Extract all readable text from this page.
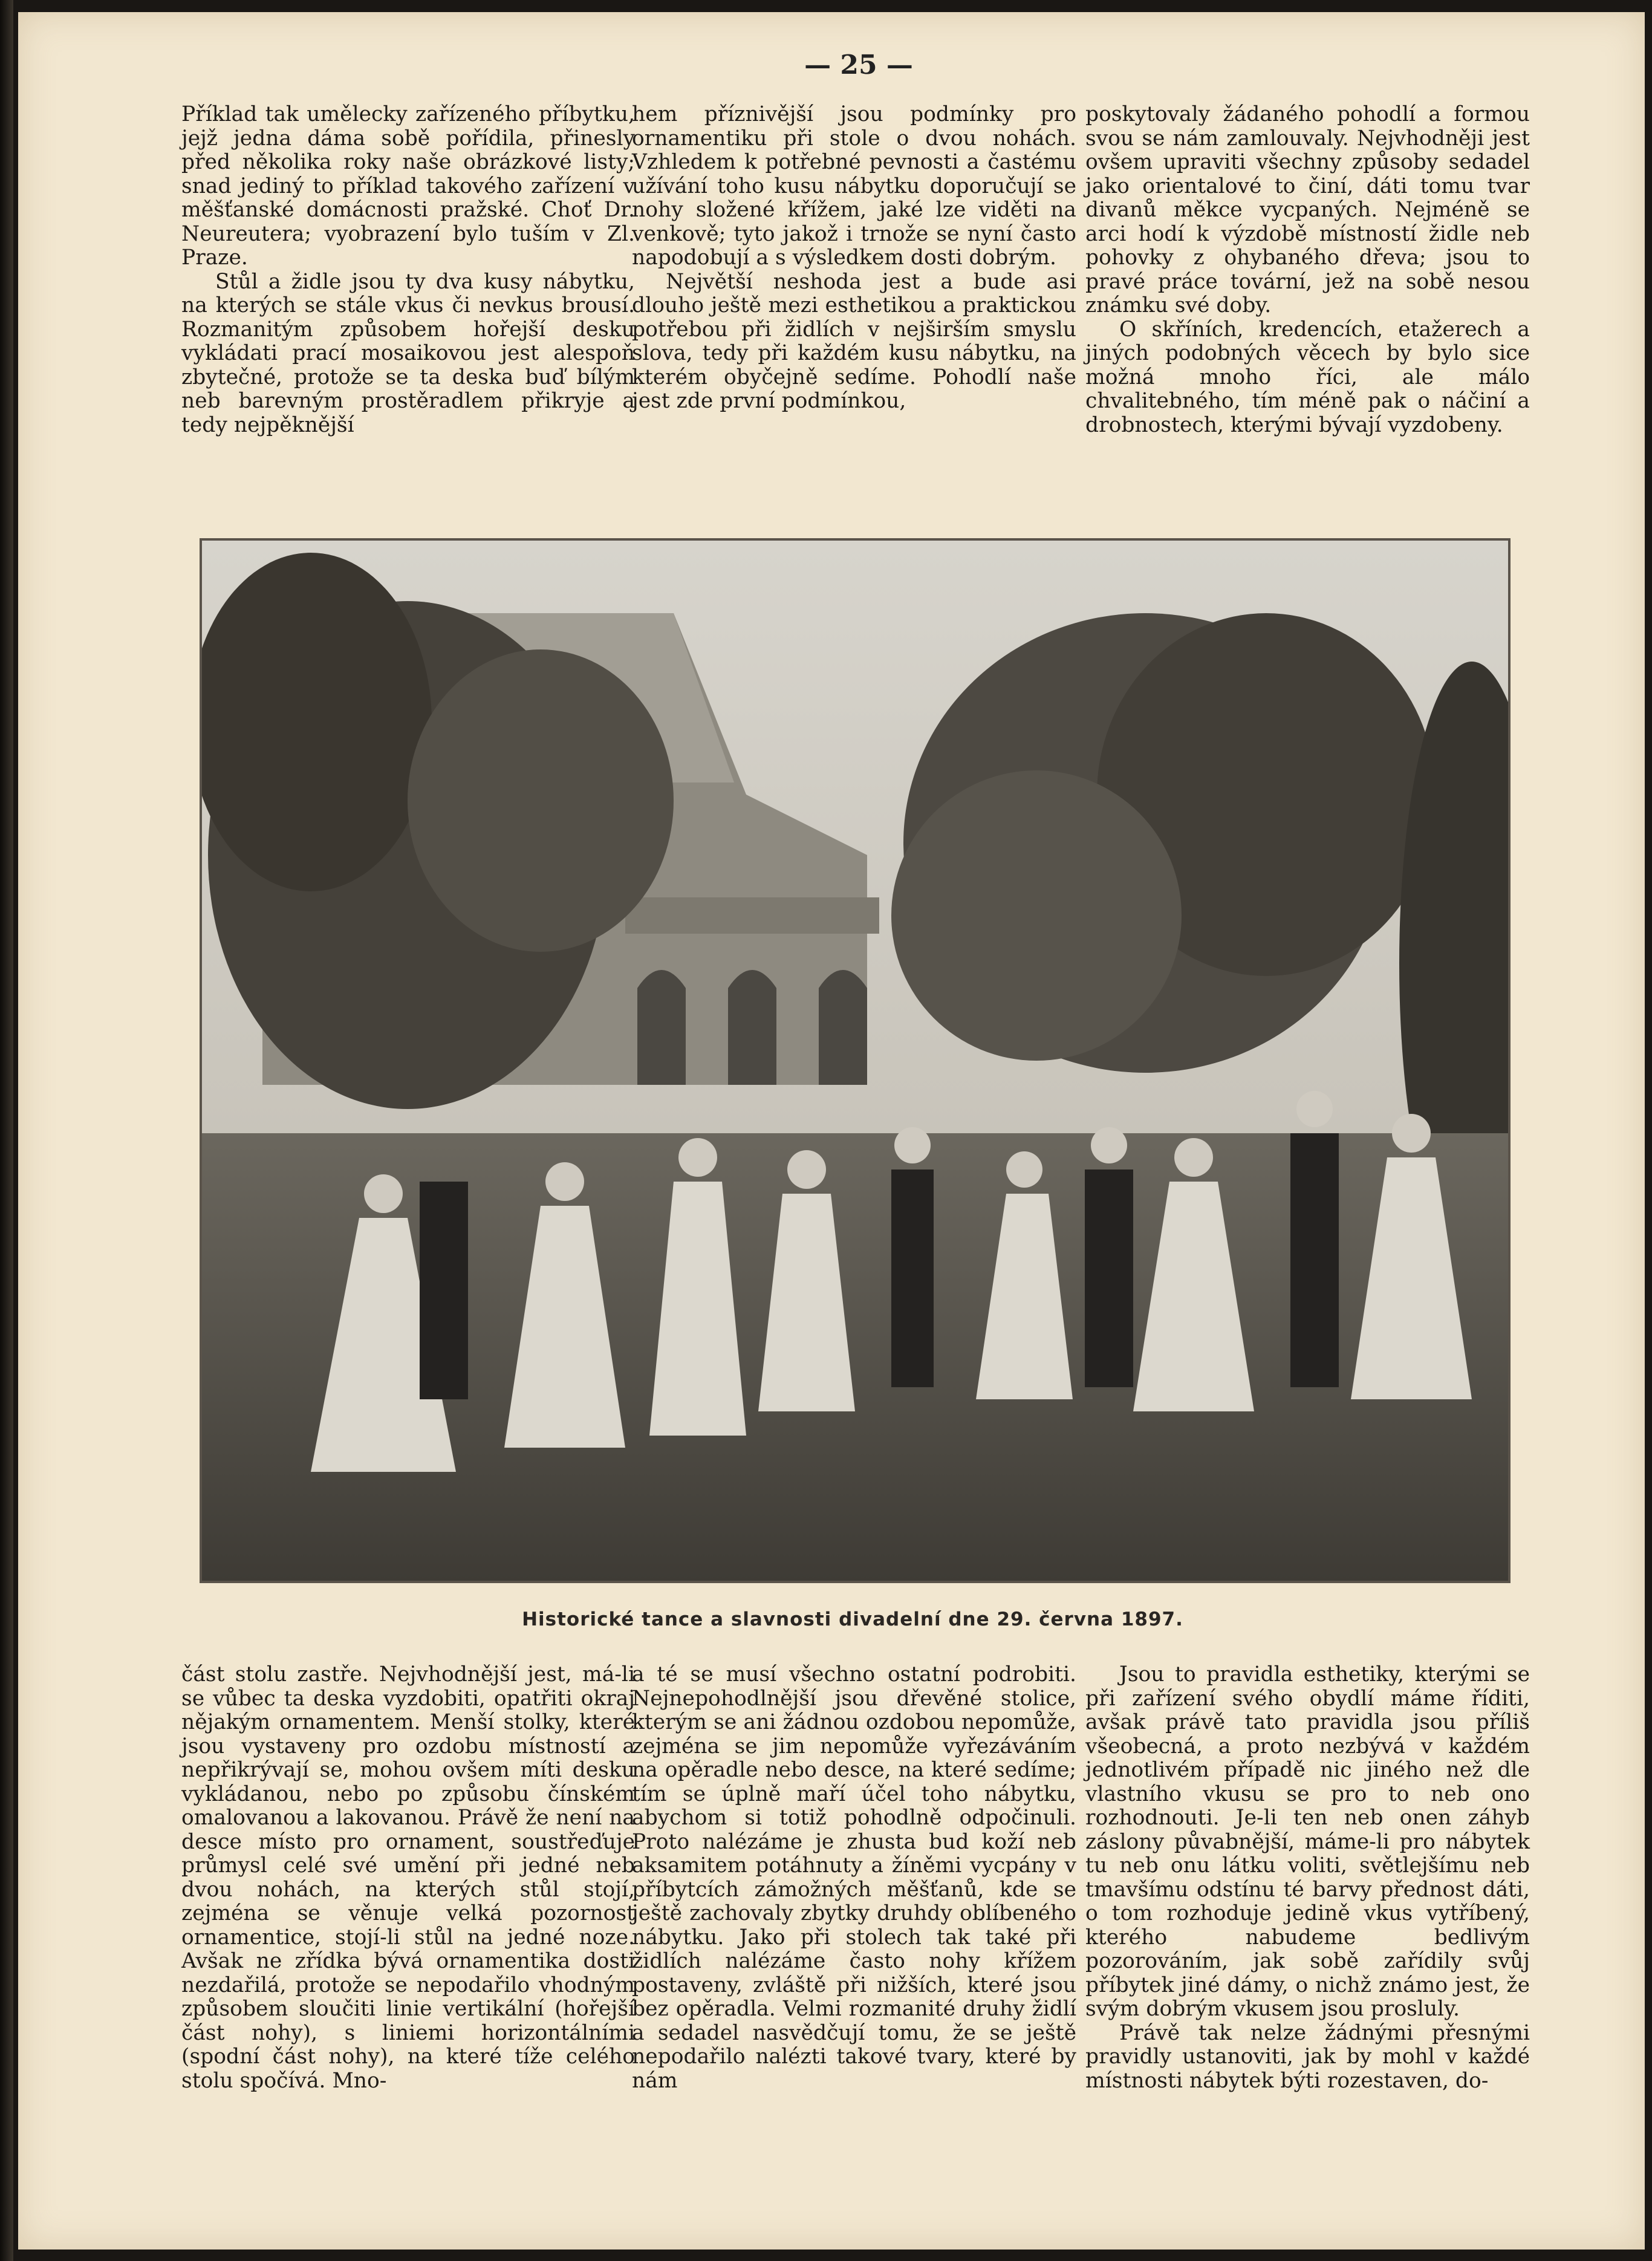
— 25 —

Příklad tak umělecky zařízeného příbytku, jejž jedna dáma sobě pořídila, přinesly před několika roky naše obrázkové listy; snad jediný to příklad takového zařízení v měšťanské domácnosti pražské. Choť Dr. Neureutera; vyobrazení bylo tuším v Zl. Praze.

Stůl a židle jsou ty dva kusy nábytku, na kterých se stále vkus či nevkus brousí. Rozmanitým způsobem hořejší desku vykládati prací mosaikovou jest alespoň zbytečné, protože se ta deska buď bílým neb barevným prostěradlem přikryje a tedy nejpěknější

hem příznivější jsou podmínky pro ornamentiku při stole o dvou nohách. Vzhledem k potřebné pevnosti a častému užívání toho kusu nábytku doporučují se nohy složené křížem, jaké lze viděti na venkově; tyto jakož i trnože se nyní často napodobují a s výsledkem dosti dobrým.

Největší neshoda jest a bude asi dlouho ještě mezi esthetikou a praktickou potřebou při židlích v nejširším smyslu slova, tedy při každém kusu nábytku, na kterém obyčejně sedíme. Pohodlí naše jest zde první podmínkou,

poskytovaly žádaného pohodlí a formou svou se nám zamlouvaly. Nejvhodněji jest ovšem upraviti všechny způsoby sedadel jako orientalové to činí, dáti tomu tvar divanů měkce vycpaných. Nejméně se arci hodí k výzdobě místností židle neb pohovky z ohybaného dřeva; jsou to pravé práce tovární, jež na sobě nesou známku své doby.

O skříních, kredencích, etažerech a jiných podobných věcech by bylo sice možná mnoho říci, ale málo chvalitebného, tím méně pak o náčiní a drobnostech, kterými bývají vyzdobeny.

Historické tance a slavnosti divadelní dne 29. června 1897.

část stolu zastře. Nejvhodnější jest, má-li se vůbec ta deska vyzdobiti, opatřiti okraj nějakým ornamentem. Menší stolky, které jsou vystaveny pro ozdobu místností a nepřikrývají se, mohou ovšem míti desku vykládanou, nebo po způsobu čínském omalovanou a lakovanou. Právě že není na desce místo pro ornament, soustřeďuje průmysl celé své umění při jedné neb dvou nohách, na kterých stůl stojí, zejména se věnuje velká pozornost ornamentice, stojí-li stůl na jedné noze. Avšak ne zřídka bývá ornamentika dosti nezdařilá, protože se nepodařilo vhodným způsobem sloučiti linie vertikální (hořejší část nohy), s liniemi horizontálními (spodní část nohy), na které tíže celého stolu spočívá. Mno-

a té se musí všechno ostatní podrobiti. Nejnepohodlnější jsou dřevěné stolice, kterým se ani žádnou ozdobou nepomůže, zejména se jim nepomůže vyřezáváním na opěradle nebo desce, na které sedíme; tím se úplně maří účel toho nábytku, abychom si totiž pohodlně odpočinuli. Proto nalézáme je zhusta bud koží neb aksamitem potáhnuty a žíněmi vycpány v příbytcích zámožných měšťanů, kde se ještě zachovaly zbytky druhdy oblíbeného nábytku. Jako při stolech tak také při židlích nalézáme často nohy křížem postaveny, zvláště při nižších, které jsou bez opěradla. Velmi rozmanité druhy židlí a sedadel nasvědčují tomu, že se ještě nepodařilo nalézti takové tvary, které by nám

Jsou to pravidla esthetiky, kterými se při zařízení svého obydlí máme říditi, avšak právě tato pravidla jsou příliš všeobecná, a proto nezbývá v každém jednotlivém případě nic jiného než dle vlastního vkusu se pro to neb ono rozhodnouti. Je-li ten neb onen záhyb záslony půvabnější, máme-li pro nábytek tu neb onu látku voliti, světlejšímu neb tmavšímu odstínu té barvy přednost dáti, o tom rozhoduje jedině vkus vytříbený, kterého nabudeme bedlivým pozorováním, jak sobě zařídily svůj příbytek jiné dámy, o nichž známo jest, že svým dobrým vkusem jsou prosluly.

Právě tak nelze žádnými přesnými pravidly ustanoviti, jak by mohl v každé místnosti nábytek býti rozestaven, do-
